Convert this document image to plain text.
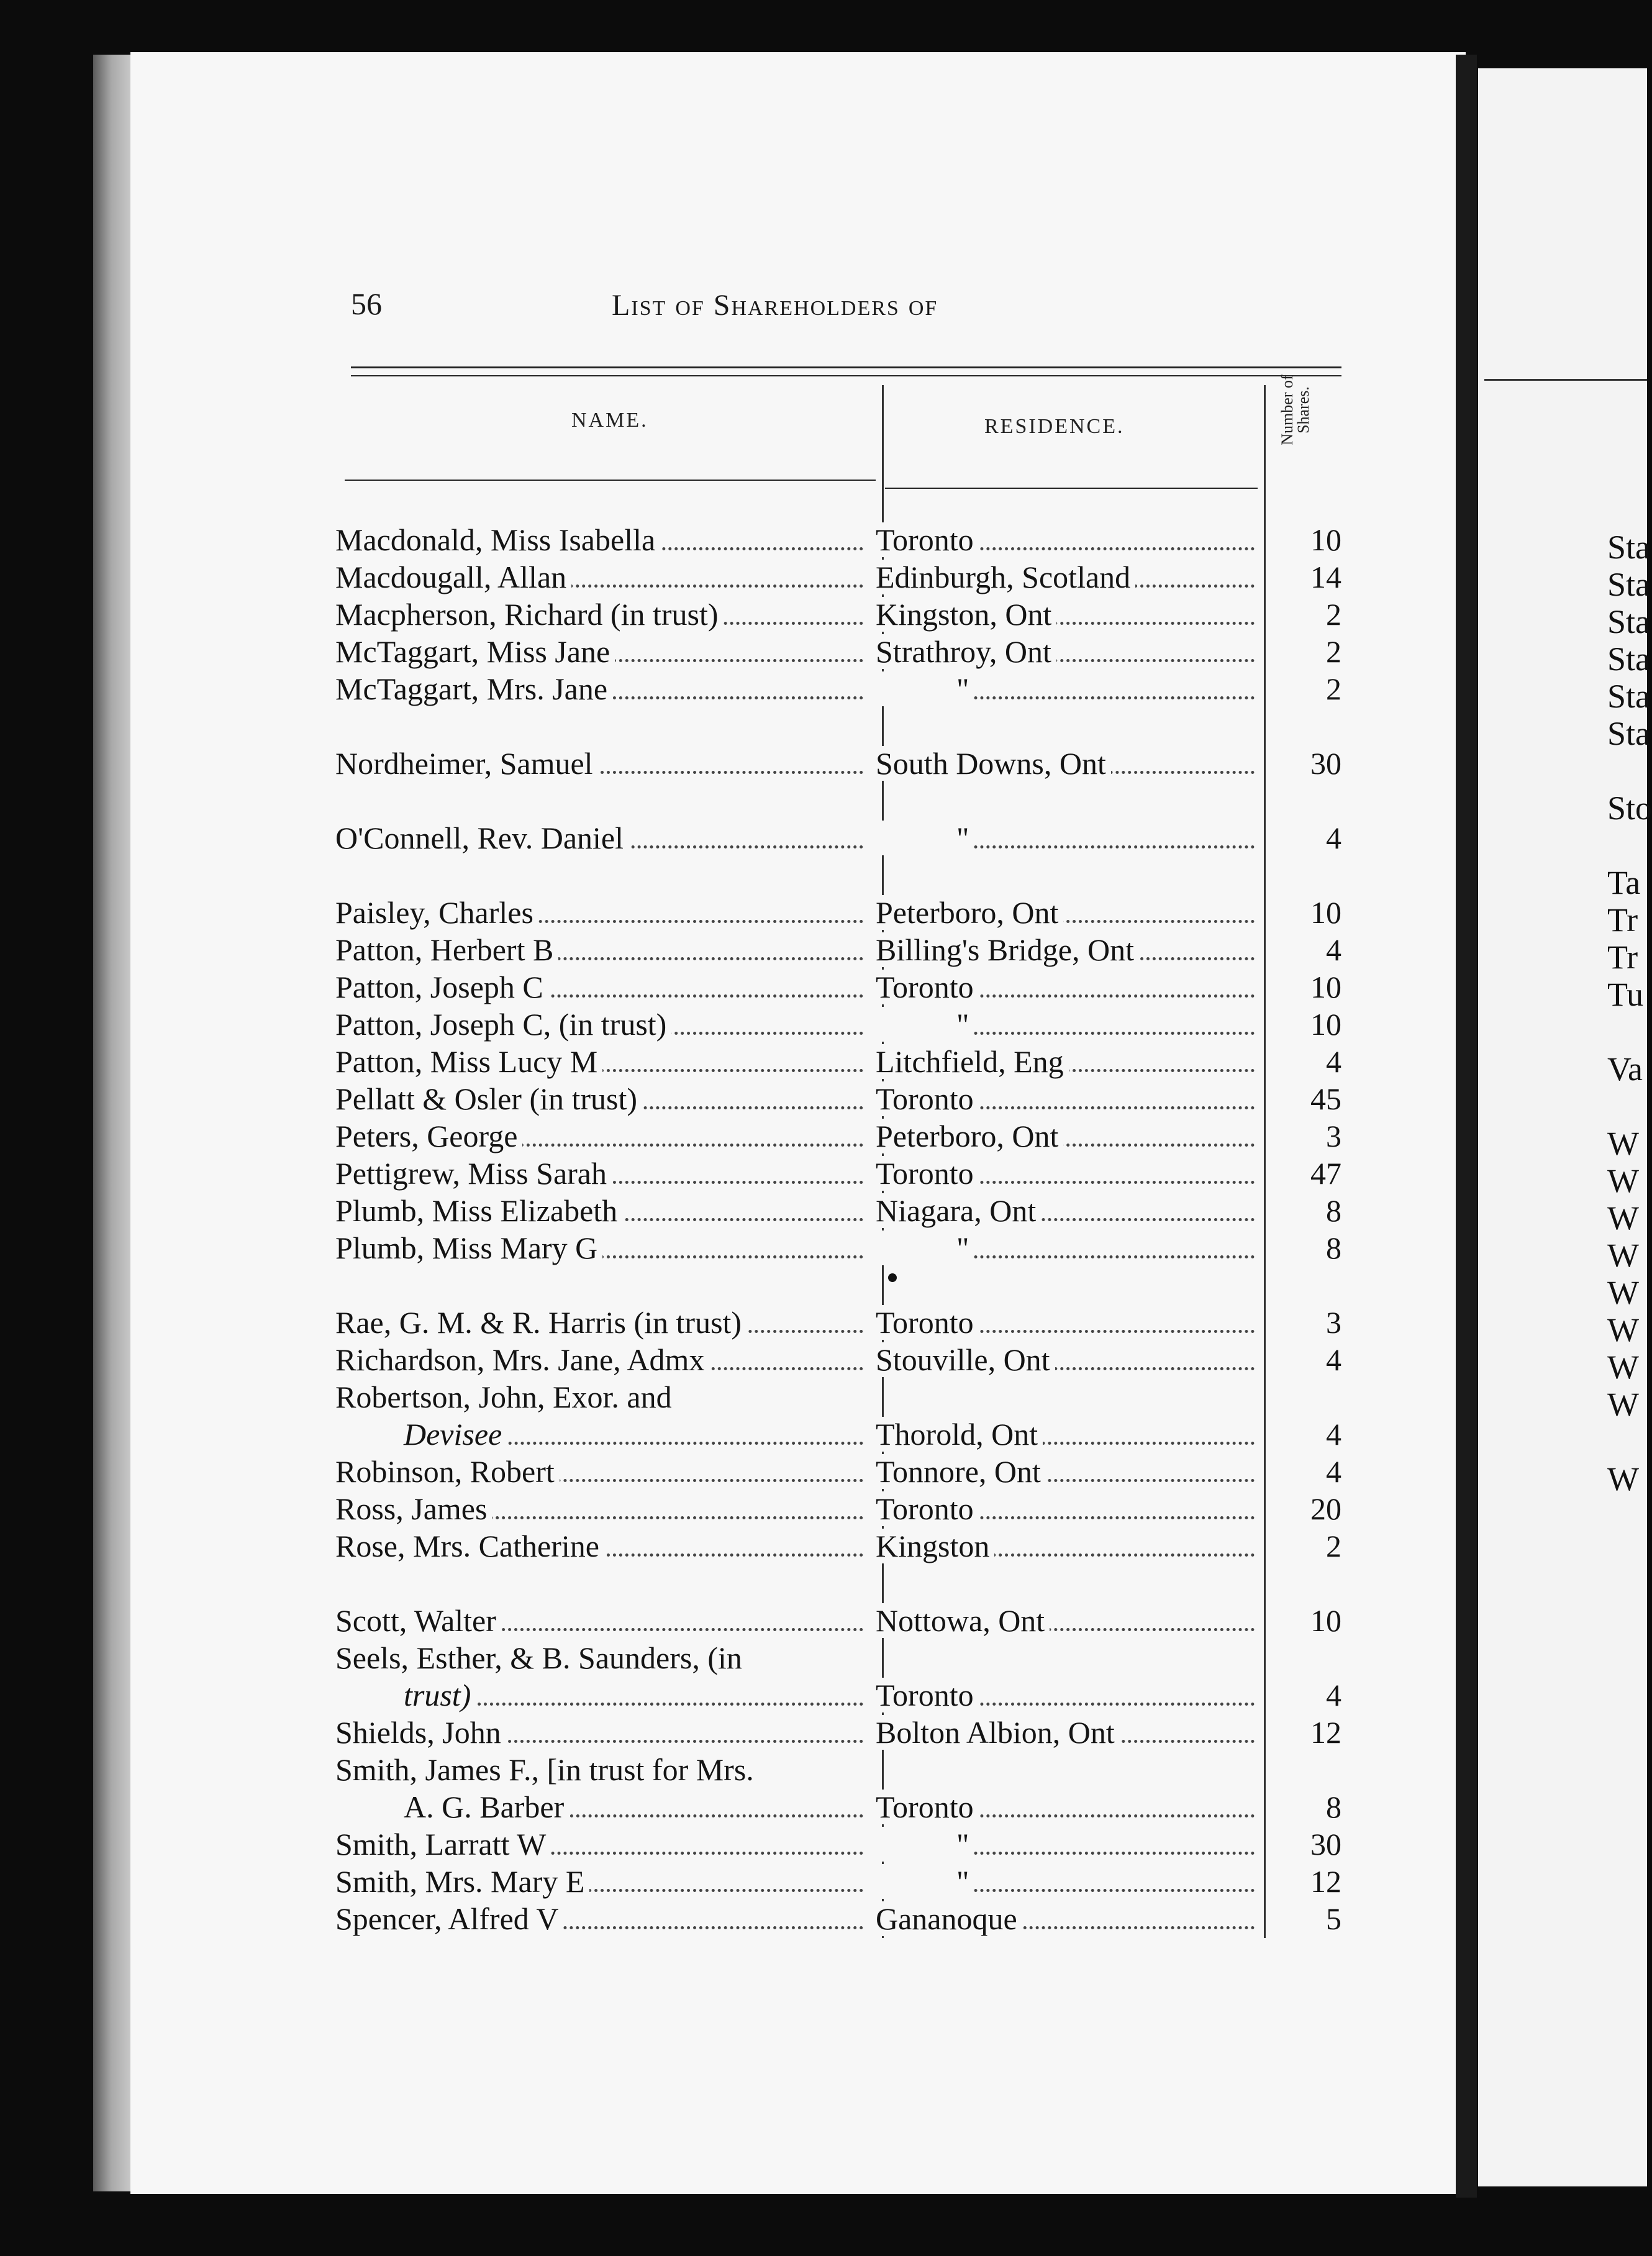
Sta
Sta
Sta
Sta
Sta
Sta
Sto
Ta
Tr
Tr
Tu
Va
W
W
W
W
W
W
W
W
W
56	List of Shareholders of
NAME.	RESIDENCE.	Number of Shares.
Macdonald, Miss Isabella	Toronto	10
Macdougall, Allan	Edinburgh, Scotland	14
Macpherson, Richard (in trust)	Kingston, Ont	2
McTaggart, Miss Jane	Strathroy, Ont	2
McTaggart, Mrs. Jane	"	2
Nordheimer, Samuel	South Downs, Ont	30
O'Connell, Rev. Daniel	"	4
Paisley, Charles	Peterboro, Ont	10
Patton, Herbert B	Billing's Bridge, Ont	4
Patton, Joseph C	Toronto	10
Patton, Joseph C, (in trust)	"	10
Patton, Miss Lucy M	Litchfield, Eng	4
Pellatt & Osler (in trust)	Toronto	45
Peters, George	Peterboro, Ont	3
Pettigrew, Miss Sarah	Toronto	47
Plumb, Miss Elizabeth	Niagara, Ont	8
Plumb, Miss Mary G	"	8
Rae, G. M. & R. Harris (in trust)	Toronto	3
Richardson, Mrs. Jane, Admx	Stouville, Ont	4
Robertson, John, Exor. and
Devisee	Thorold, Ont	4
Robinson, Robert	Tonnore, Ont	4
Ross, James	Toronto	20
Rose, Mrs. Catherine	Kingston	2
Scott, Walter	Nottowa, Ont	10
Seels, Esther, & B. Saunders, (in
trust)	Toronto	4
Shields, John	Bolton Albion, Ont	12
Smith, James F., [in trust for Mrs.
A. G. Barber	Toronto	8
Smith, Larratt W	"	30
Smith, Mrs. Mary E	"	12
Spencer, Alfred V	Gananoque	5
